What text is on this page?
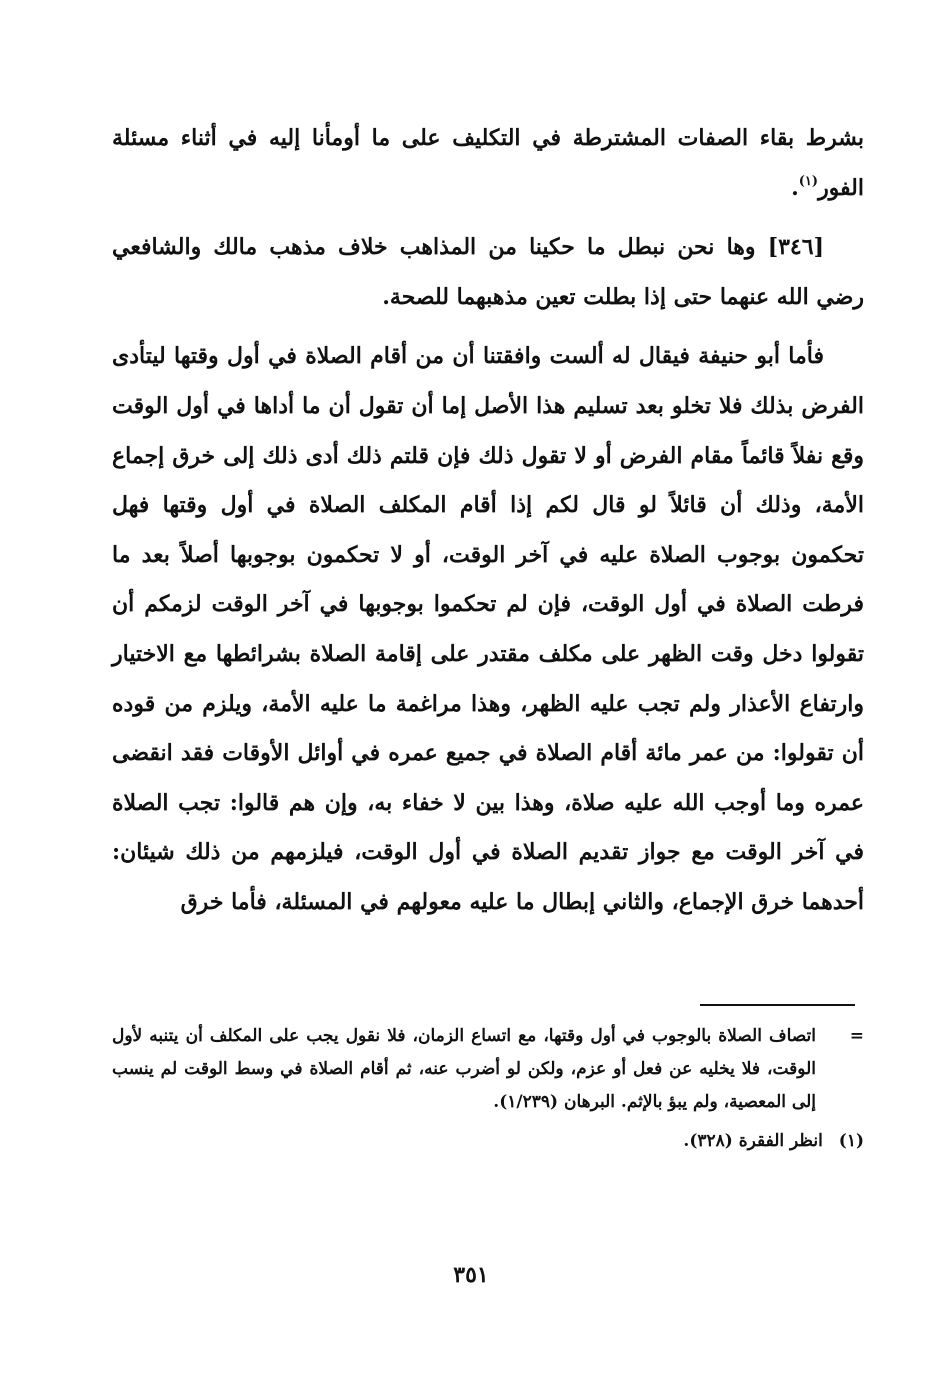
بشرط بقاء الصفات المشترطة في التكليف على ما أومأنا إليه في أثناء مسئلة الفور$^{(١)}$.

[٣٤٦] وها نحن نبطل ما حكينا من المذاهب خلاف مذهب مالك والشافعي رضي الله عنهما حتى إذا بطلت تعين مذهبهما للصحة.

فأما أبو حنيفة فيقال له ألست وافقتنا أن من أقام الصلاة في أول وقتها ليتأدى الفرض بذلك فلا تخلو بعد تسليم هذا الأصل إما أن تقول أن ما أداها في أول الوقت وقع نفلاً قائماً مقام الفرض أو لا تقول ذلك فإن قلتم ذلك أدى ذلك إلى خرق إجماع الأمة، وذلك أن قائلاً لو قال لكم إذا أقام المكلف الصلاة في أول وقتها فهل تحكمون بوجوب الصلاة عليه في آخر الوقت، أو لا تحكمون بوجوبها أصلاً بعد ما فرطت الصلاة في أول الوقت، فإن لم تحكموا بوجوبها في آخر الوقت لزمكم أن تقولوا دخل وقت الظهر على مكلف مقتدر على إقامة الصلاة بشرائطها مع الاختيار وارتفاع الأعذار ولم تجب عليه الظهر، وهذا مراغمة ما عليه الأمة، ويلزم من قوده أن تقولوا: من عمر مائة أقام الصلاة في جميع عمره في أوائل الأوقات فقد انقضى عمره وما أوجب الله عليه صلاة، وهذا بين لا خفاء به، وإن هم قالوا: تجب الصلاة في آخر الوقت مع جواز تقديم الصلاة في أول الوقت، فيلزمهم من ذلك شيئان: أحدهما خرق الإجماع، والثاني إبطال ما عليه معولهم في المسئلة، فأما خرق

=
اتصاف الصلاة بالوجوب في أول وقتها، مع اتساع الزمان، فلا نقول يجب على المكلف أن يتنبه لأول الوقت، فلا يخليه عن فعل أو عزم، ولكن لو أضرب عنه، ثم أقام الصلاة في وسط الوقت لم ينسب إلى المعصية، ولم يبؤ بالإثم. البرهان (١/٢٣٩).
(١) انظر الفقرة (٣٢٨).
٣٥١
